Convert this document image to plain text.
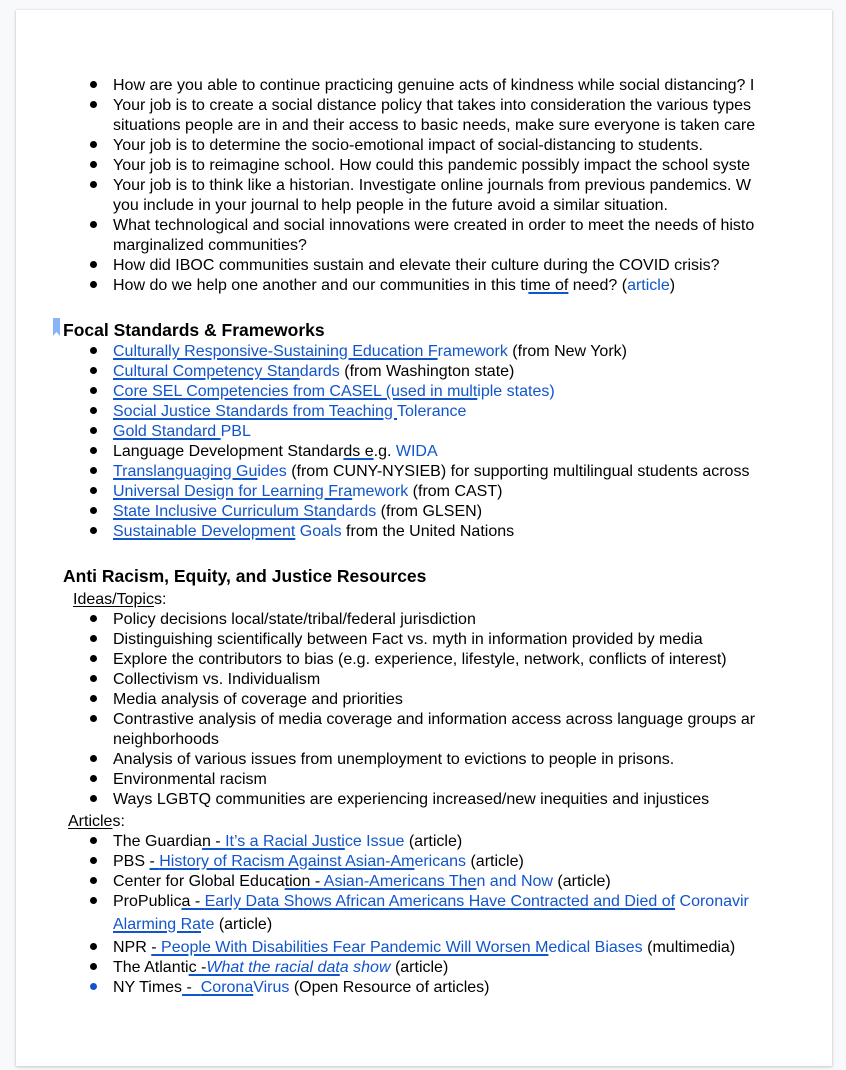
How are you able to continue practicing genuine acts of kindness while social distancing? I
Your job is to create a social distance policy that takes into consideration the various types
situations people are in and their access to basic needs, make sure everyone is taken care
Your job is to determine the socio-emotional impact of social-distancing to students.
Your job is to reimagine school. How could this pandemic possibly impact the school syste
Your job is to think like a historian. Investigate online journals from previous pandemics. W
you include in your journal to help people in the future avoid a similar situation.
What technological and social innovations were created in order to meet the needs of histo
marginalized communities?
How did IBOC communities sustain and elevate their culture during the COVID crisis?
How do we help one another and our communities in this time of need? (article)
Focal Standards & Frameworks
Culturally Responsive-Sustaining Education Framework (from New York)
Cultural Competency Standards (from Washington state)
Core SEL Competencies from CASEL (used in multiple states)
Social Justice Standards from Teaching Tolerance
Gold Standard PBL
Language Development Standards e.g. WIDA
Translanguaging Guides (from CUNY-NYSIEB) for supporting multilingual students across
Universal Design for Learning Framework (from CAST)
State Inclusive Curriculum Standards (from GLSEN)
Sustainable Development Goals from the United Nations
Anti Racism, Equity, and Justice Resources
Ideas/Topics:
Policy decisions local/state/tribal/federal jurisdiction
Distinguishing scientifically between Fact vs. myth in information provided by media
Explore the contributors to bias (e.g. experience, lifestyle, network, conflicts of interest)
Collectivism vs. Individualism
Media analysis of coverage and priorities
Contrastive analysis of media coverage and information access across language groups ar
neighborhoods
Analysis of various issues from unemployment to evictions to people in prisons.
Environmental racism
Ways LGBTQ communities are experiencing increased/new inequities and injustices
Articles:
The Guardian - It’s a Racial Justice Issue (article)
PBS - History of Racism Against Asian-Americans (article)
Center for Global Education - Asian-Americans Then and Now (article)
ProPublica - Early Data Shows African Americans Have Contracted and Died of Coronavir
Alarming Rate (article)
NPR - People With Disabilities Fear Pandemic Will Worsen Medical Biases (multimedia)
The Atlantic -What the racial data show (article)
NY Times -  CoronaVirus (Open Resource of articles)
